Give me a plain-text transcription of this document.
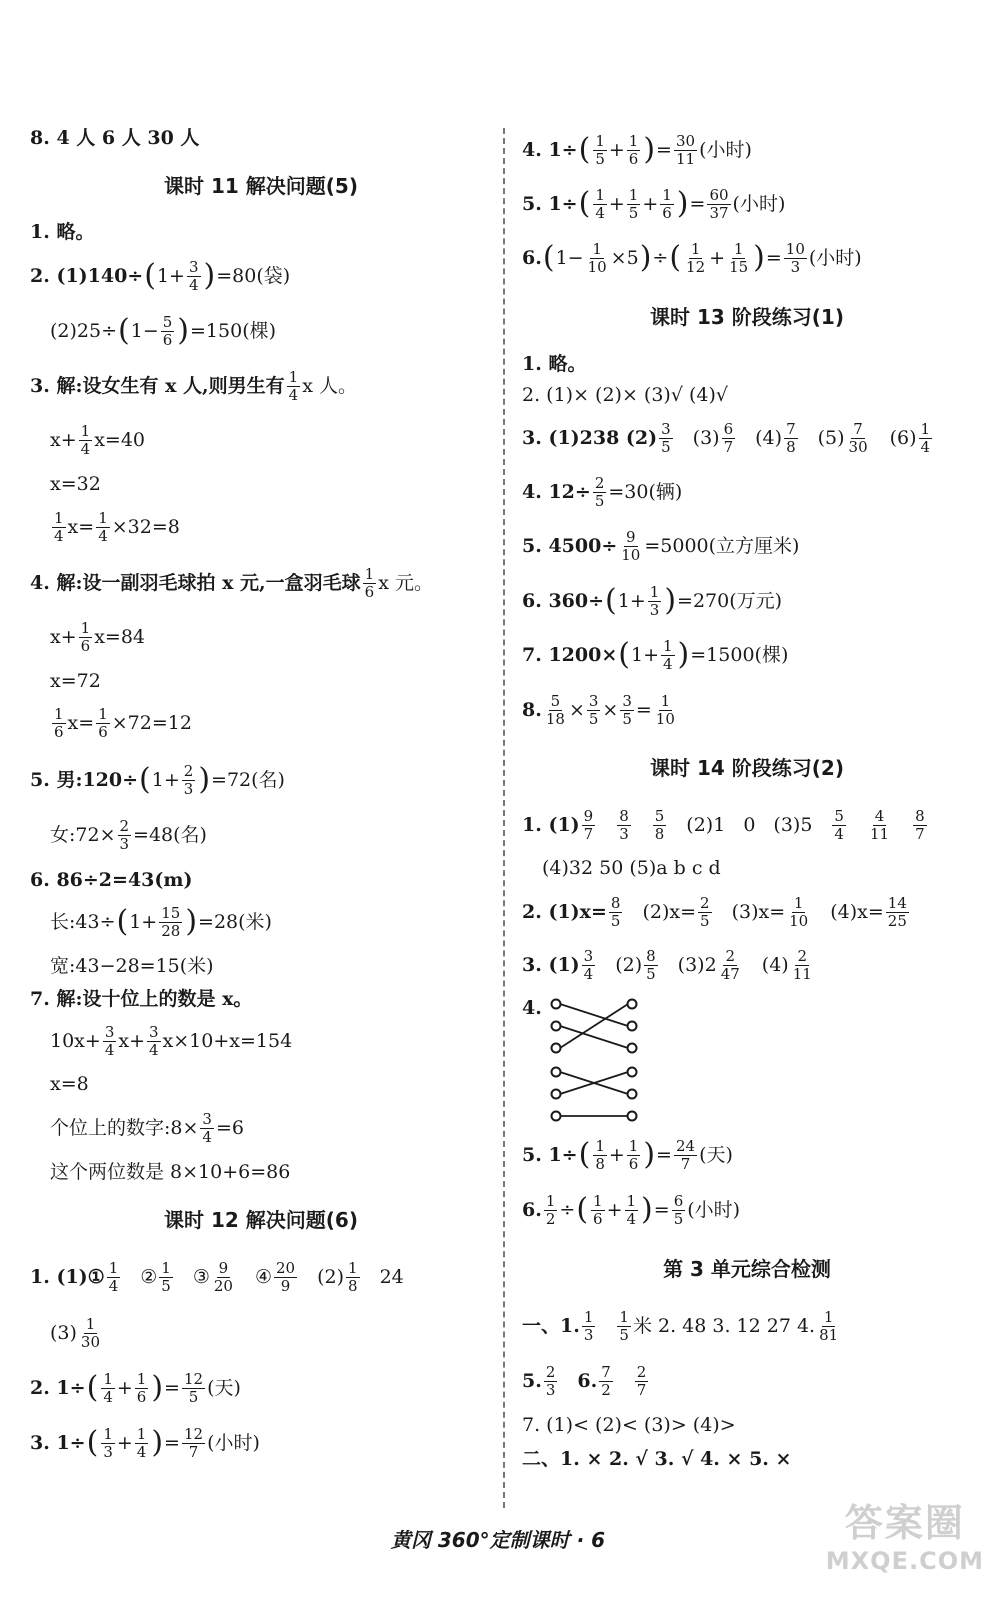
8. 4 人 6 人 30 人
课时 11 解决问题(5)
1. 略。
2. (1)140÷ ( $1+ \frac{3}{4}$ ) =80(袋)
(2)25÷ ( $1- \frac{5}{6}$ ) =150(棵)
3. 解:设女生有 x 人,则男生有 $\frac{1}{4}$ x 人。
$x+ \frac{1}{4} x=40$
x=32
$\frac{1}{4} x= \frac{1}{4} \times 32=8$
4. 解:设一副羽毛球拍 x 元,一盒羽毛球 $\frac{1}{6}$ x 元。
$x+ \frac{1}{6} x=84$
x=72
$\frac{1}{6} x= \frac{1}{6} \times 72=12$
5. 男:120÷ ( $1+ \frac{2}{3}$ ) =72(名)
女:72× $\frac{2}{3} =48$(名)
6. 86÷2=43(m)
长:43÷ ( $1+ \frac{15}{28}$ ) =28(米)
宽:43−28=15(米)
7. 解:设十位上的数是 x。
$10x+ \frac{3}{4} x+ \frac{3}{4} x\times 10+x=154$
x=8
个位上的数字:8× $\frac{3}{4} =6$
这个两位数是 8×10+6=86
课时 12 解决问题(6)
1. (1)① $\frac{1}{4}$ ② $\frac{1}{5}$ ③ $\frac{9}{20}$ ④ $\frac{20}{9} (2) \frac{1}{8} 24$
$(3) \frac{1}{30}$
2. 1÷ ( $\frac{1}{4} + \frac{1}{6}$ ) = $\frac{12}{5}$ (天)
3. 1÷ ( $\frac{1}{3} + \frac{1}{4}$ ) = $\frac{12}{7}$ (小时)
4. 1÷ ( $\frac{1}{5} + \frac{1}{6}$ ) = $\frac{30}{11}$ (小时)
5. 1÷ ( $\frac{1}{4} + \frac{1}{5} + \frac{1}{6}$ ) = $\frac{60}{37}$ (小时)
6. ( $1- \frac{1}{10} \times 5$ ) ÷ ( $\frac{1}{12} + \frac{1}{15}$ ) = $\frac{10}{3}$ (小时)
课时 13 阶段练习(1)
1. 略。
2. (1)× (2)× (3)√ (4)√
3. (1)238 $(2) \frac{3}{5} (3) \frac{6}{7} (4) \frac{7}{8} (5) \frac{7}{30} (6) \frac{1}{4}$
4. $12\div \frac{2}{5} =30$(辆)
5. $4500\div \frac{9}{10} =5000$(立方厘米)
6. 360÷ ( $1+ \frac{1}{3}$ ) =270(万元)
7. 1200× ( $1+ \frac{1}{4}$ ) =1500(棵)
8. $\frac{5}{18} \times \frac{3}{5} \times \frac{3}{5} = \frac{1}{10}$
课时 14 阶段练习(2)
1. $(1) \frac{9}{7} \frac{8}{3} \frac{5}{8} (2)1$ 0 $(3)5 \frac{5}{4} \frac{4}{11} \frac{8}{7}$
(4)32 50 (5)a b c d
2. $(1)x= \frac{8}{5} (2)x= \frac{2}{5} (3)x= \frac{1}{10} (4)x= \frac{14}{25}$
3. $(1) \frac{3}{4} (2) \frac{8}{5} (3)2 \frac{2}{47} (4) \frac{2}{11}$
4.
5. 1÷ ( $\frac{1}{8} + \frac{1}{6}$ ) = $\frac{24}{7}$ (天)
6. $\frac{1}{2}$ ÷ ( $\frac{1}{6} + \frac{1}{4}$ ) = $\frac{6}{5}$ (小时)
第 3 单元综合检测
一、1. $\frac{1}{3} \frac{1}{5}$ 米 2. 48 3. 12 27 4. $\frac{1}{81}$
5. $\frac{2}{3} 6$. $\frac{7}{2} \frac{2}{7}$
7. (1)< (2)< (3)> (4)>
二、1. × 2. √ 3. √ 4. × 5. ×
黄冈 360°定制课时 · 6	答案圈
MXQE.COM
